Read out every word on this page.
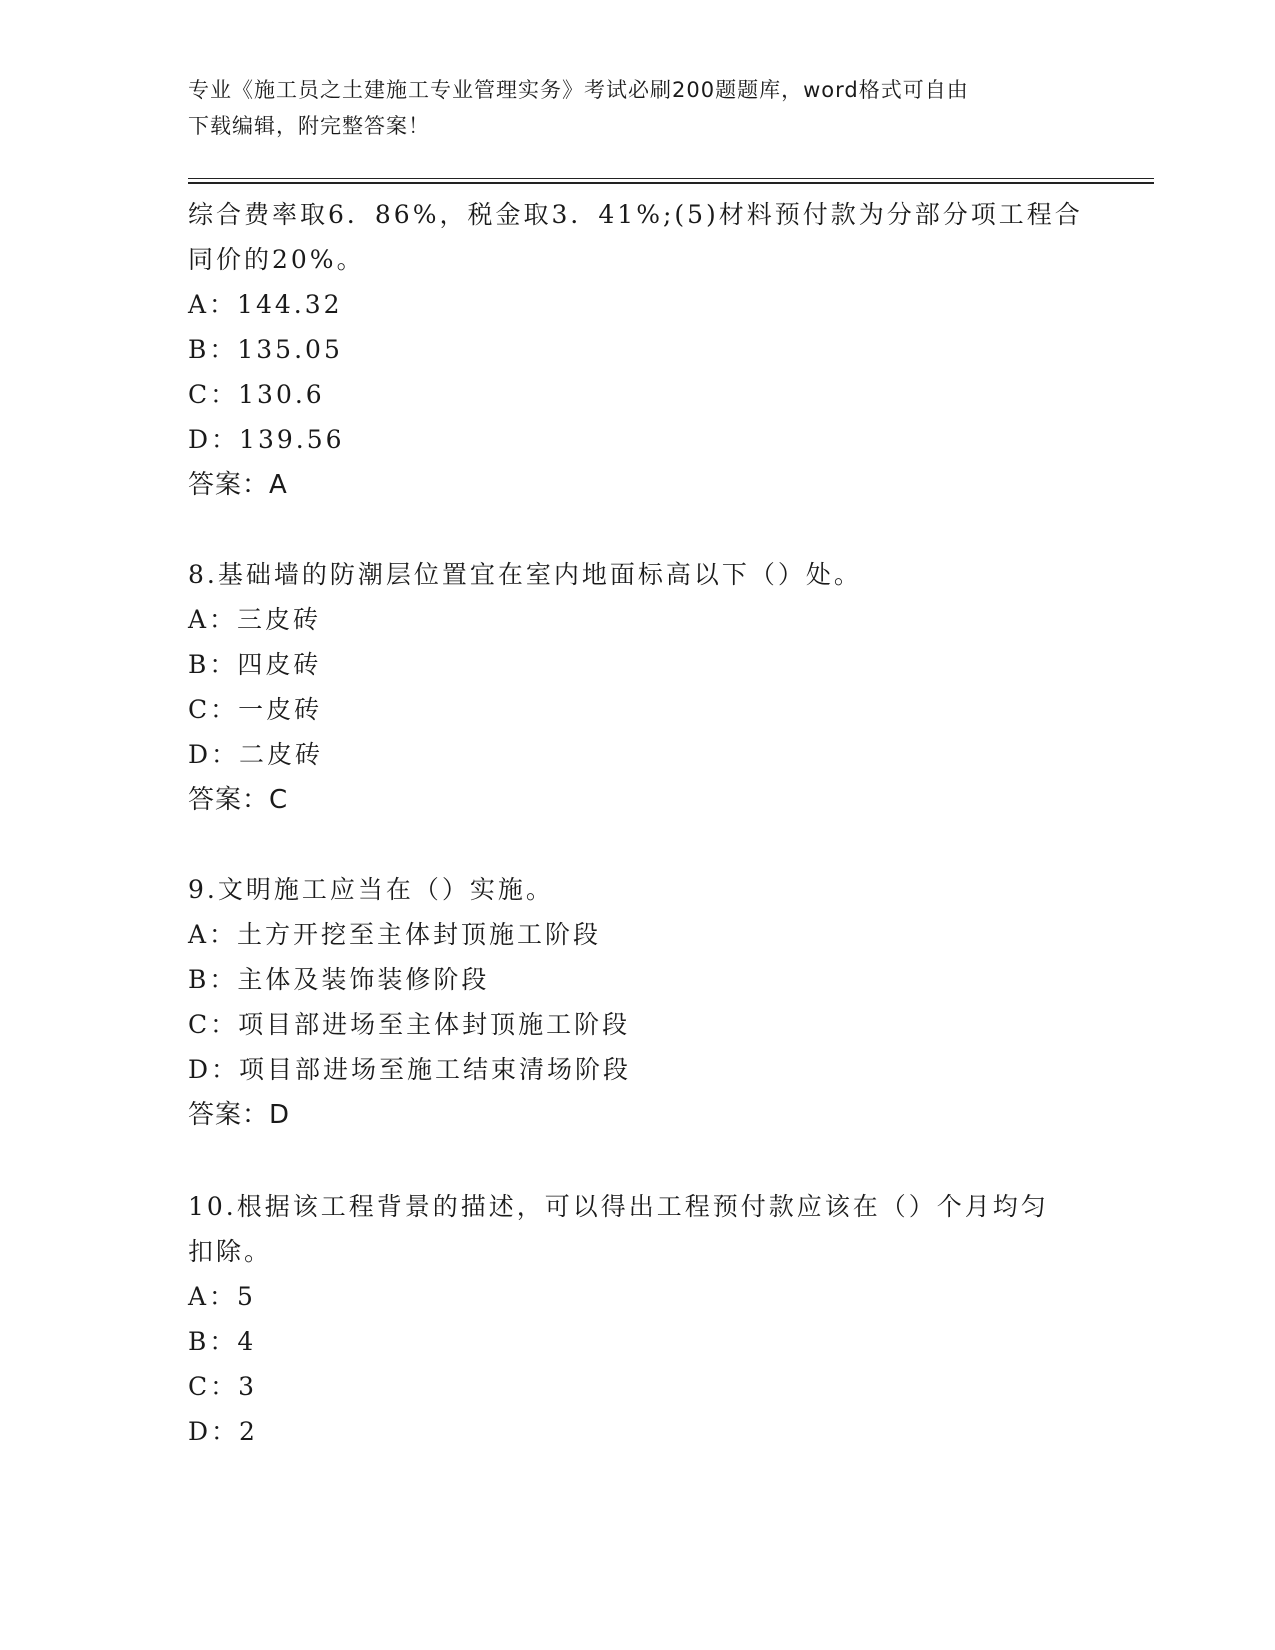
专业《施工员之土建施工专业管理实务》考试必刷200题题库，word格式可自由
下载编辑，附完整答案！
综合费率取6．86%，税金取3．41%;(5)材料预付款为分部分项工程合
同价的20%。
A：144.32
B：135.05
C：130.6
D：139.56
答案：A
8.基础墙的防潮层位置宜在室内地面标高以下（）处。
A：三皮砖
B：四皮砖
C：一皮砖
D：二皮砖
答案：C
9.文明施工应当在（）实施。
A：土方开挖至主体封顶施工阶段
B：主体及装饰装修阶段
C：项目部进场至主体封顶施工阶段
D：项目部进场至施工结束清场阶段
答案：D
10.根据该工程背景的描述，可以得出工程预付款应该在（）个月均匀
扣除。
A：5
B：4
C：3
D：2
